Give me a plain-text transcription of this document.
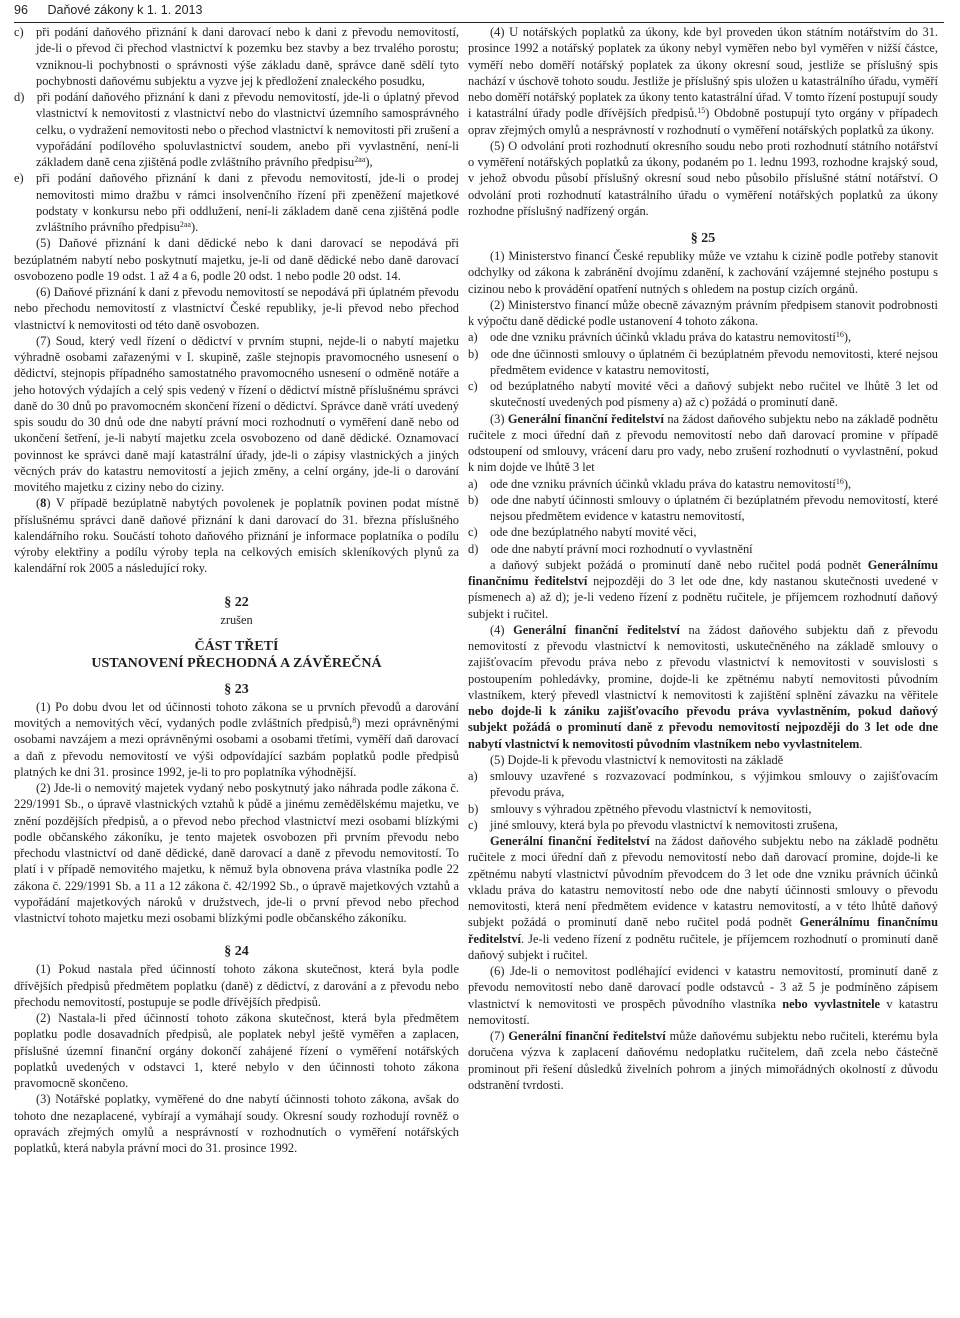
96 Daňové zákony k 1. 1. 2013

c) při podání daňového přiznání k dani darovací nebo k dani z převodu nemovitostí, jde-li o převod či přechod vlastnictví k pozemku bez stavby a bez trvalého porostu; vzniknou-li pochybnosti o správnosti výše základu daně, správce daně sdělí tyto pochybnosti daňovému subjektu a vyzve jej k předložení znaleckého posudku,

d) při podání daňového přiznání k dani z převodu nemovitostí, jde-li o úplatný převod vlastnictví k nemovitosti z vlastnictví nebo do vlastnictví územního samosprávného celku, o vydražení nemovitosti nebo o přechod vlastnictví k nemovitosti při zrušení a vypořádání podílového spoluvlastnictví soudem, anebo při vyvlastnění, není-li základem daně cena zjištěná podle zvláštního právního předpisu$^{2aa}$),

e) při podání daňového přiznání k dani z převodu nemovitostí, jde-li o prodej nemovitosti mimo dražbu v rámci insolvenčního řízení při zpeněžení majetkové podstaty v konkursu nebo při oddlužení, není-li základem daně cena zjištěná podle zvláštního právního předpisu$^{2aa}$).

(5) Daňové přiznání k dani dědické nebo k dani darovací se nepodává při bezúplatném nabytí nebo poskytnutí majetku, je-li od daně dědické nebo daně darovací osvobozeno podle 19 odst. 1 až 4 a 6, podle 20 odst. 1 nebo podle 20 odst. 14.

(6) Daňové přiznání k dani z převodu nemovitostí se nepodává při úplatném převodu nebo přechodu nemovitostí z vlastnictví České republiky, je-li převod nebo přechod vlastnictví k nemovitosti od této daně osvobozen.

(7) Soud, který vedl řízení o dědictví v prvním stupni, nejde-li o nabytí majetku výhradně osobami zařazenými v I. skupině, zašle stejnopis pravomocného usnesení o dědictví, stejnopis případného samostatného pravomocného usnesení o odměně notáře a jeho hotových výdajích a celý spis vedený v řízení o dědictví místně příslušnému správci daně do 30 dnů po pravomocném skončení řízení o dědictví. Správce daně vrátí uvedený spis soudu do 30 dnů ode dne nabytí právní moci rozhodnutí o vyměření daně nebo od ukončení šetření, je-li nabytí majetku zcela osvobozeno od daně dědické. Oznamovací povinnost ke správci daně mají katastrální úřady, jde-li o zápisy vlastnických a jiných věcných práv do katastru nemovitostí a jejich změny, a celní orgány, jde-li o darování movitého majetku z ciziny nebo do ciziny.

(8) V případě bezúplatně nabytých povolenek je poplatník povinen podat místně příslušnému správci daně daňové přiznání k dani darovací do 31. března příslušného kalendářního roku. Součástí tohoto daňového přiznání je informace poplatníka o podílu výroby elektřiny a podílu výroby tepla na celkových emisích skleníkových plynů za kalendářní rok 2005 a následující roky.

§ 22

zrušen

ČÁST TŘETÍ

USTANOVENÍ PŘECHODNÁ A ZÁVĚREČNÁ

§ 23

(1) Po dobu dvou let od účinnosti tohoto zákona se u prvních převodů a darování movitých a nemovitých věcí, vydaných podle zvláštních předpisů,$^8$) mezi oprávněnými osobami navzájem a mezi oprávněnými osobami a osobami třetími, vyměří daň darovací a daň z převodu nemovitostí ve výši odpovídající sazbám poplatků podle předpisů platných ke dni 31. prosince 1992, je-li to pro poplatníka výhodnější.

(2) Jde-li o nemovitý majetek vydaný nebo poskytnutý jako náhrada podle zákona č. 229/1991 Sb., o úpravě vlastnických vztahů k půdě a jinému zemědělskému majetku, ve znění pozdějších předpisů, a o převod nebo přechod vlastnictví mezi osobami blízkými podle občanského zákoníku, je tento majetek osvobozen při prvním převodu nebo přechodu vlastnictví od daně dědické, daně darovací a daně z převodu nemovitostí. To platí i v případě nemovitého majetku, k němuž byla obnovena práva vlastníka podle 22 zákona č. 229/1991 Sb. a 11 a 12 zákona č. 42/1992 Sb., o úpravě majetkových vztahů a vypořádání majetkových nároků v družstvech, jde-li o první převod nebo přechod vlastnictví tohoto majetku mezi osobami blízkými podle občanského zákoníku.

§ 24

(1) Pokud nastala před účinností tohoto zákona skutečnost, která byla podle dřívějších předpisů předmětem poplatku (daně) z dědictví, z darování a z převodu nebo přechodu nemovitostí, postupuje se podle dřívějších předpisů.

(2) Nastala-li před účinností tohoto zákona skutečnost, která byla předmětem poplatku podle dosavadních předpisů, ale poplatek nebyl ještě vyměřen a zaplacen, příslušné územní finanční orgány dokončí zahájené řízení o vyměření notářských poplatků uvedených v odstavci 1, které nebylo v den účinnosti tohoto zákona pravomocně skončeno.

(3) Notářské poplatky, vyměřené do dne nabytí účinnosti tohoto zákona, avšak do tohoto dne nezaplacené, vybírají a vymáhají soudy. Okresní soudy rozhodují rovněž o opravách zřejmých omylů a nesprávností v rozhodnutích o vyměření notářských poplatků, která nabyla právní moci do 31. prosince 1992.

(4) U notářských poplatků za úkony, kde byl proveden úkon státním notářstvím do 31. prosince 1992 a notářský poplatek za úkony nebyl vyměřen nebo byl vyměřen v nižší částce, vyměří nebo doměří notářský poplatek za úkony okresní soud, jestliže se příslušný spis nachází v úschově tohoto soudu. Jestliže je příslušný spis uložen u katastrálního úřadu, vyměří nebo doměří notářský poplatek za úkony tento katastrální úřad. V tomto řízení postupují soudy i katastrální úřady podle dřívějších předpisů.$^{15}$) Obdobně postupují tyto orgány v případech oprav zřejmých omylů a nesprávností v rozhodnutí o vyměření notářských poplatků za úkony.

(5) O odvolání proti rozhodnutí okresního soudu nebo proti rozhodnutí státního notářství o vyměření notářských poplatků za úkony, podaném po 1. lednu 1993, rozhodne krajský soud, v jehož obvodu působí příslušný okresní soud nebo působilo příslušné státní notářství. O odvolání proti rozhodnutí katastrálního úřadu o vyměření notářských poplatků za úkony rozhodne příslušný nadřízený orgán.

§ 25

(1) Ministerstvo financí České republiky může ve vztahu k cizině podle potřeby stanovit odchylky od zákona k zabránění dvojímu zdanění, k zachování vzájemné stejného postupu s cizinou nebo k provádění opatření nutných s ohledem na postup cizích orgánů.

(2) Ministerstvo financí může obecně závazným právním předpisem stanovit podrobnosti k výpočtu daně dědické podle ustanovení 4 tohoto zákona.

a) ode dne vzniku právních účinků vkladu práva do katastru nemovitostí$^{16}$),

b) ode dne účinnosti smlouvy o úplatném či bezúplatném převodu nemovitosti, které nejsou předmětem evidence v katastru nemovitostí,

c) od bezúplatného nabytí movité věci a daňový subjekt nebo ručitel ve lhůtě 3 let od skutečností uvedených pod písmeny a) až c) požádá o prominutí daně.

(3) Generální finanční ředitelství na žádost daňového subjektu nebo na základě podnětu ručitele z moci úřední daň z převodu nemovitostí nebo daň darovací promine v případě odstoupení od smlouvy, vrácení daru pro vady, nebo zrušení rozhodnutí o vyvlastnění, pokud k nim dojde ve lhůtě 3 let

a) ode dne vzniku právních účinků vkladu práva do katastru nemovitostí$^{16}$),

b) ode dne nabytí účinnosti smlouvy o úplatném či bezúplatném převodu nemovitostí, které nejsou předmětem evidence v katastru nemovitostí,

c) ode dne bezúplatného nabytí movité věci,

d) ode dne nabytí právní moci rozhodnutí o vyvlastnění

a daňový subjekt požádá o prominutí daně nebo ručitel podá podnět Generálnímu finančnímu ředitelství nejpozději do 3 let ode dne, kdy nastanou skutečnosti uvedené v písmenech a) až d); je-li vedeno řízení z podnětu ručitele, je příjemcem rozhodnutí daňový subjekt i ručitel.

(4) Generální finanční ředitelství na žádost daňového subjektu daň z převodu nemovitostí z převodu vlastnictví k nemovitosti, uskutečněného na základě smlouvy o zajišťovacím převodu práva nebo z převodu vlastnictví k nemovitosti v souvislosti s postoupením pohledávky, promine, dojde-li ke zpětnému nabytí nemovitosti původním vlastníkem, který převedl vlastnictví k nemovitosti k zajištění splnění závazku na věřitele nebo dojde-li k zániku zajišťovacího převodu práva vyvlastněním, pokud daňový subjekt požádá o prominutí daně z převodu nemovitostí nejpozději do 3 let ode dne nabytí vlastnictví k nemovitosti původním vlastníkem nebo vyvlastnitelem.

(5) Dojde-li k převodu vlastnictví k nemovitosti na základě

a) smlouvy uzavřené s rozvazovací podmínkou, s výjimkou smlouvy o zajišťovacím převodu práva,

b) smlouvy s výhradou zpětného převodu vlastnictví k nemovitosti,

c) jiné smlouvy, která byla po převodu vlastnictví k nemovitosti zrušena,

Generální finanční ředitelství na žádost daňového subjektu nebo na základě podnětu ručitele z moci úřední daň z převodu nemovitostí nebo daň darovací promine, dojde-li ke zpětnému nabytí vlastnictví původním převodcem do 3 let ode dne vzniku právních účinků vkladu práva do katastru nemovitostí nebo ode dne nabytí účinnosti smlouvy o převodu nemovitosti, která není předmětem evidence v katastru nemovitostí, a v této lhůtě daňový subjekt požádá o prominutí daně nebo ručitel podá podnět Generálnímu finančnímu ředitelství. Je-li vedeno řízení z podnětu ručitele, je příjemcem rozhodnutí o prominutí daně daňový subjekt i ručitel.

(6) Jde-li o nemovitost podléhající evidenci v katastru nemovitostí, prominutí daně z převodu nemovitostí nebo daně darovací podle odstavců - 3 až 5 je podmíněno zápisem vlastnictví k nemovitosti ve prospěch původního vlastníka nebo vyvlastnitele v katastru nemovitostí.

(7) Generální finanční ředitelství může daňovému subjektu nebo ručiteli, kterému byla doručena výzva k zaplacení daňovému nedoplatku ručitelem, daň zcela nebo částečně prominout při řešení důsledků živelních pohrom a jiných mimořádných okolností z důvodu odstranění tvrdosti.
